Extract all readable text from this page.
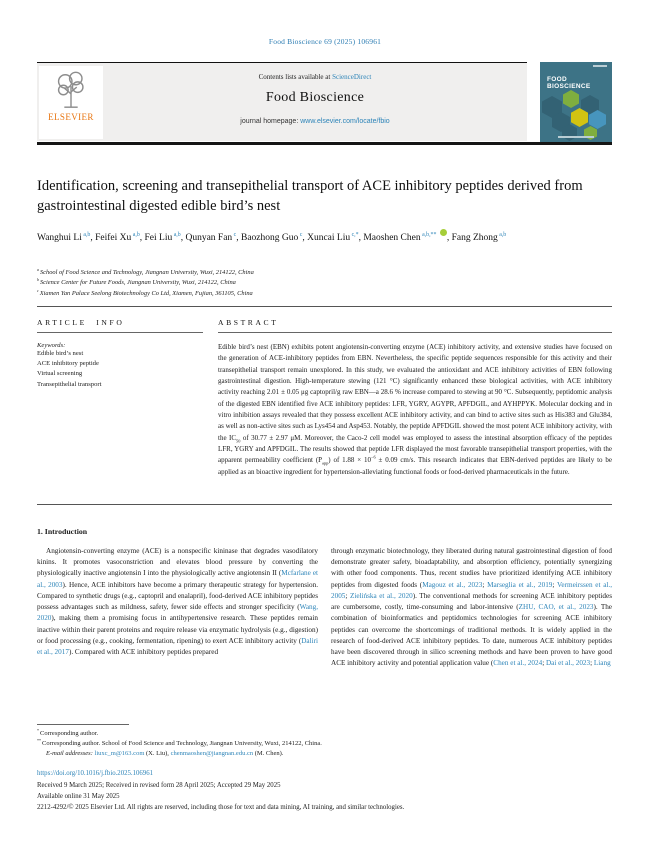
Food Bioscience 69 (2025) 106961
ELSEVIER
Contents lists available at ScienceDirect
Food Bioscience
journal homepage: www.elsevier.com/locate/fbio
FOOD
BIOSCIENCE
Identification, screening and transepithelial transport of ACE inhibitory peptides derived from gastrointestinal digested edible bird’s nest
Wanghui Li $^{a,b}$, Feifei Xu $^{a,b}$, Fei Liu $^{a,b}$, Qunyan Fan $^c$, Baozhong Guo $^c$, Xuncai Liu $^{c,*}$, Maoshen Chen $^{a,b,**}$ , Fang Zhong $^{a,b}$
$^a$ School of Food Science and Technology, Jiangnan University, Wuxi, 214122, China
$^b$ Science Center for Future Foods, Jiangnan University, Wuxi, 214122, China
$^c$ Xiamen Yan Palace Seelong Biotechnology Co Ltd, Xiamen, Fujian, 361105, China
ARTICLE INFO
Keywords:
Edible bird’s nest
ACE inhibitory peptide
Virtual screening
Transepithelial transport
ABSTRACT
Edible bird’s nest (EBN) exhibits potent angiotensin-converting enzyme (ACE) inhibitory activity, and extensive studies have focused on the generation of ACE-inhibitory peptides from EBN. Nevertheless, the specific peptide sequences responsible for this activity and their transepithelial transport remain unexplored. In this study, we evaluated the antioxidant and ACE inhibitory activities of EBN following gastrointestinal digestion. High-temperature stewing (121 °C) significantly enhanced these biological activities, with ACE inhibitory activity reaching 2.01 ± 0.05 μg captopril/g raw EBN—a 28.6 % increase compared to stewing at 90 °C. Subsequently, peptidomic analysis of the digested EBN identified five ACE inhibitory peptides: LFR, YGRY, AGYPR, APFDGIL, and AYHPPYK. Molecular docking and in vitro inhibition assays revealed that they possess excellent ACE inhibitory activity, and can bind to active sites such as His383 and Glu384, as well as non-active sites such as Lys454 and Asp453. Notably, the peptide APFDGIL showed the most potent ACE inhibitory activity, with the $IC_{50}$ of 30.77 ± 2.97 μM. Moreover, the Caco-2 cell model was employed to assess the intestinal absorption efficacy of the peptides LFR, YGRY and APFDGIL. The results showed that peptide LFR displayed the most favorable transepithelial transport properties, with the apparent permeability coefficient $(P_{app})$ of $1.88 \times 10^{-6} \pm 0.09$ cm/s. This research indicates that EBN-derived peptides are likely to be applied as an bioactive ingredient for hypertension-alleviating functional foods or food-derived pharmaceuticals in the future.
1. Introduction

Angiotensin-converting enzyme (ACE) is a nonspecific kininase that degrades vasodilatory kinins. It promotes vasoconstriction and elevates blood pressure by converting the physiologically inactive angiotensin I into the physiologically active angiotensin II (Mcfarlane et al., 2003). Hence, ACE inhibitors have become a primary therapeutic strategy for hypertension. Compared to synthetic drugs (e.g., captopril and enalapril), food-derived ACE inhibitory peptides possess advantages such as mildness, safety, fewer side effects and stronger specificity (Wang, 2020), making them a promising focus in antihypertensive research. These peptides remain inactive within their parent proteins and require release via enzymatic hydrolysis (e.g., digestion) or food processing (e.g., cooking, fermentation, ripening) to exert ACE inhibitory activity (Daliri et al., 2017). Compared with ACE inhibitory peptides prepared

through enzymatic biotechnology, they liberated during natural gastrointestinal digestion of food demonstrate greater safety, bioadaptability, and absorption efficiency, potentially synergizing with other food components. Thus, recent studies have prioritized identifying ACE inhibitory peptides from digested foods (Magouz et al., 2023; Marseglia et al., 2019; Vermeirssen et al., 2005; Zielińska et al., 2020). The conventional methods for screening ACE inhibitory peptides are cumbersome, costly, time-consuming and labor-intensive (ZHU, CAO, et al., 2023). The combination of bioinformatics and peptidomics technologies for screening ACE inhibitory peptides can overcome the shortcomings of traditional methods. It is widely applied in the research of food-derived ACE inhibitory peptides. To date, numerous ACE inhibitory peptides have been discovered through in silico screening methods and have been proven to have good ACE inhibitory activity and potential application value (Chen et al., 2024; Dai et al., 2023; Liang

* Corresponding author.
** Corresponding author. School of Food Science and Technology, Jiangnan University, Wuxi, 214122, China.
E-mail addresses: liuxc_m@163.com (X. Liu), chenmaoshen@jiangnan.edu.cn (M. Chen).
https://doi.org/10.1016/j.fbio.2025.106961
Received 9 March 2025; Received in revised form 28 April 2025; Accepted 29 May 2025
Available online 31 May 2025
2212-4292/© 2025 Elsevier Ltd. All rights are reserved, including those for text and data mining, AI training, and similar technologies.
